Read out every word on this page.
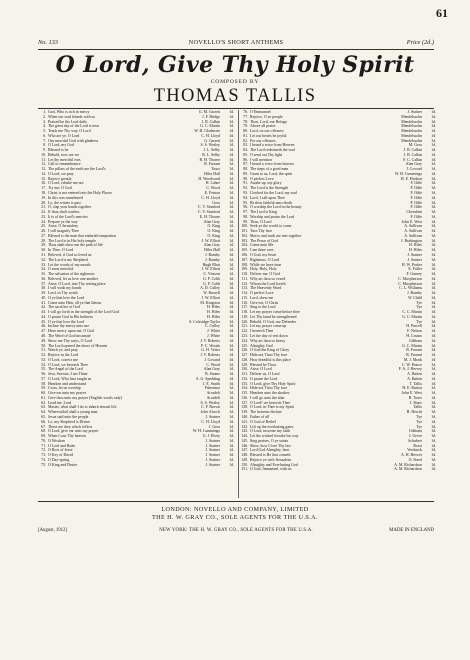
61
NOVELLO'S SHORT ANTHEMS
No. 133	Price (2d.)
O Lord, Give Thy Holy Spirit
COMPOSED BY
THOMAS TALLIS
1. God, Who is rich in mercy	G. M. Garrett	1d.
2. When our soul friends with us	J. F. Bridge	1d.
3. Praised be the Lord daily	J. B. Calkin	1d.
4. The great day of the Lord is near	G. C. Martin	1d.
5. Teach me Thy way, O Lord	W. H. Gladstone	1d.
6. Who are ye, O Lord	C. H. Lloyd	1d.
7. Our merciful God with gladness	G. Garrett	1d.
8. O Lord, my God	S. S. Wesley	1d.
9. Blessed is he	J. L. Selby	1d.
10. Behold, now are we	B. L. Selby	1d.
11. Let thy merciful ears	R. H. Thorne	1d.
12. Call to remembrance	R. Farrant	1d.
13. The pillars of the earth are the Lord's	Tours	1d.
14. O Lord, we pray	Hiles Hall	1d.
15. Rejoice greatly	H. Woodward	1d.
16. O Lord, rebuke me not	H. Lahee	1d.
17. Try me, O God	C. Wood	1d.
18. Christ is not entered into the Holy Places	E. Fenton	1d.
19. In this was manifested	C. H. Lloyd	1d.
20. Lo, the winter is past	Goss	1d.
21. O, clap your hands together	C. V. Stanford	1d.
22. If thou shalt confess	C. V. Stanford	1d.
23. It is of the Lord's mercies	E. H. Thorne	1d.
24. Prepare ye the way	Alan Gray	1d.
25. Arise, O Jerusalem	O. King	1d.
26. I will magnify Thee	O. King	1d.
27. Blessed is the man that endureth temptation	O. King	1d.
28. The Lord is in His holy temple	J. W. Elliott	1d.
29. Thou shalt shew me the path of life	Alan Gray	1d.
30. In Thee, O Lord	Hiles Hall	1d.
31. Beloved, if God so loved us	J. Barnby	1d.
32. The Lord is my Shepherd	J. Barnby	1d.
33. Let the words of my mouth	Hugh Blair	1d.
34. O most merciful	J. W. Elliott	1d.
35. The salvation of the righteous	C. Vincent	1d.
36. Beloved, let us love one another	G. F. Cobb	1d.
37. Arise, O Lord, into Thy resting place	G. F. Cobb	1d.
38. I will wash my hands	A. D. Culley	1d.
39. Lord, in Thy wrath	W. Russell	1d.
40. O ye that love the Lord	J. W. Elliott	1d.
41. Come unto Him, all ye that labour	M. Kingston	1d.
42. The sacrifice of God	H. Hiles	1d.
43. I will go forth in the strength of the Lord God	H. Hiles	1d.
44. O praise God in His holiness	H. Hiles	1d.
45. O ye that love the Lord	S. Coleridge-Taylor	1d.
46. Incline thy mercy unto me	C. Culley	1d.
47. Have mercy upon me, O God	J. White	1d.
48. The Word of God incarnate	J. White	1d.
49. Show me Thy ways, O Lord	J. V. Roberts	1d.
50. The Lord opened the doors of Heaven	F. C. Woods	1d.
51. Watch ye, and pray	G. H. Vetter	1d.
52. Rejoice in the Lord	J. V. Roberts	1d.
53. O Lord, correct me	J. Coward	1d.
54. O Lord, we beseech Thee	C. Wood	1d.
55. The Angel of the Lord	Alan Gray	1d.
56. Jesu, Saviour, I am Thine	B. Steane	1d.
57. O Lord, Who hast taught us	A. G. Spedding	1d.
58. Hearken and understand	J. E. Smith	1d.
59. Cross, let us worship	Palestrina	1d.
60. Give ear unto my prayer	Arcadelt	1d.
61. Give thou unto my prayer (English words only)	Arcadelt	1d.
62. Lead me, Lord	S. S. Wesley	1d.
63. Master, what shall I do to inherit eternal life	C. F. Brown	1d.
64. Wherewithal shall a young man	John Alcock	1d.
65. Jesus said unto the people	J. Stainer	1d.
66. Lo, my Shepherd is Divine	C. H. Lloyd	1d.
67. These are they which follow	J. Goss	1d.
68. O Lord, give ear unto my prayer	W. H. Cummings	1d.
69. When I saw Thy heaven	G. J. Elvey	1d.
70. O Wisdom	J. Stainer	1d.
71. O Lord and Ruler	J. Stainer	1d.
72. O Root of Jesse	J. Stainer	1d.
73. O Key of David	J. Stainer	1d.
74. O Day-spring	J. Stainer	1d.
75. O King and Desire	J. Stainer	1d.
76. O Emmanuel	J. Stainer	1d.
77. Rejoice, O ye people	Mendelssohn	1d.
78. Thou, Lord, our Refuge	Mendelssohn	1d.
79. Above all praise	Mendelssohn	1d.
80. Lord, on our offences	Mendelssohn	1d.
81. Let our hearts be joyful	Mendelssohn	1d.
82. For our offences	Mendelssohn	1d.
83. I heard a voice from Heaven	M. Goss	1d.
84. The Lord redeemeth the soul	J. B. Calkin	1d.
85. O send out Thy light	J. B. Calkin	1d.
86. I will mention	F. C. Calkin	1d.
87. I heard a voice from heaven	Alan Gray	1d.
88. The steps of a good man	J. Coward	1d.
89. Grant to us, Lord, the spirit	W. H. Cummings	1d.
90. O perfect Love	H. E. Hodson	1d.
91. Awake up, my glory	F. Iliffe	1d.
92. The Lord is the Strength	F. Iliffe	1d.
93. I looked for the Lord, my soul	F. Iliffe	1d.
94. Lord, I call upon Thee	F. Iliffe	1d.
95. Be thou faithful unto death	F. Iliffe	1d.
96. O worship the Lord in the beauty	F. Iliffe	1d.
97. The Lord is King	Cherubini	1d.
98. Worship and praise the Lord	F. Iliffe	1d.
99. Thou, O Lord	John E. West	1d.
100. Seek ye the world to come	A. Sullivan	1d.
101. Turn Thy face	A. Sullivan	1d.
102. Mercy and truth are met together	A. Sullivan	1d.
103. The Peace of God	J. Brabington	1d.
104. Come unto Me	H. Hiles	1d.
105. I am thine own	H. Hiles	1d.
106. O God, my heart	J. Stainer	1d.
107. Righteous, O Lord	J. Stainer	1d.
108. While we have time	H. W. Parker	1d.
109. Holy, Holy, Holy	E. Fuller	1d.
110. Deliver me, O God	F. Gurney	1d.
111. Why art thou so vexed	C. Macpherson	1d.
112. Whom the Lord loveth	C. Macpherson	1d.
113. The Heavenly Word	C. L. Williams	1d.
114. O perfect Love	J. Barnby	1d.
115. Lord, shew me	W. Child	1d.
116. Give ear, O Christ	Tye	1d.
117. Sing to the Lord	Tye	1d.
118. Let my prayer come before thee	C. C. Martin	1d.
119. Let Thy hand be strengthened	G. C. Martin	1d.
120. Behold, O God, our Defender	Tye	1d.
121. Let my prayer come up	H. Purcell	1d.
122. I beseech Thee	F. Nelson	1d.
123. Let the day of rest dawn	H. Cosmo	1d.
124. Why art thou so heavy	Gibbons	1d.
125. Almighty God	G. C. Martin	1d.
126. O God the King of Glory	B. Farrant	1d.
127. Hide not Thou Thy face	R. Farrant	1d.
128. How dreadful is this place	M. J. Monk	1d.
129. Blessed be Thou	C. W. Pearce	1d.
130. Arise, O Lord	F. A. J. Hervey	1d.
131. Deliver us, O Lord	A. Batten	1d.
132. O praise the Lord	A. Batten	1d.
133. O Lord, give Thy Holy Spirit	T. Tallis	1d.
134. Hide not Thou Thy face	H. E. Button	1d.
135. Hearken unto the shadow	John E. West	1d.
136. I will go unto the altar	B. Tours	1d.
137. O Lord! we beseech Thee	J. Shaw	1d.
138. O Lord, in Thee is my Spirit	Tallis	1d.
139. The heavens declare	H. Hewitt	1d.
140. Father of all	Tye	1d.
141. O God of Bethel	Tye	1d.
142. Lift up the everlasting gates	Tye	1d.
143. O Lord, increase my faith	Gibbons	1d.
144. Let the wicked forsake his way	J. Greve	1d.
145. Sing praises, O ye saints	Schubert	1d.
146. Show, how I love Thy law	Rossi	1d.
147. Lord God Almighty, hear	Verdonck	1d.
148. Blessed is He that cometh	A. H. Brewer	1d.
149. Rejoice ye with Jerusalem	O. Steed	1d.
150. Almighty and Everlasting God	A. M. Richardson	1d.
151. O God, Immanuel, with us	A. M. Richardson	1d.
LONDON: NOVELLO AND COMPANY, LIMITED
THE H. W. GRAY CO., SOLE AGENTS FOR THE U.S.A.
NEW YORK: THE H. W. GRAY CO., SOLE AGENTS FOR THE U.S.A.
[August, 1912]	MADE IN ENGLAND
